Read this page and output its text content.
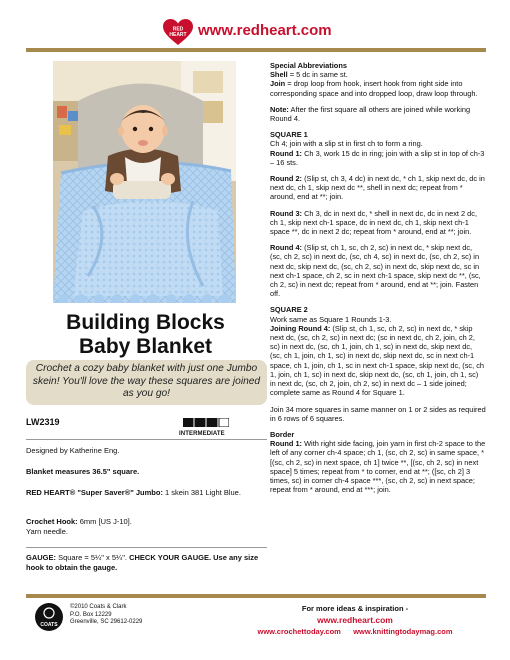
RED
HEART www.redheart.com
Building Blocks
Baby Blanket
Crochet a cozy baby blanket with just one Jumbo skein! You'll love the way these squares are joined as you go!
LW2319
INTERMEDIATE

Designed by Katherine Eng.

Blanket measures 36.5" square.

RED HEART® "Super Saver®" Jumbo: 1 skein 381 Light Blue.

Crochet Hook: 6mm [US J-10].
Yarn needle.

GAUGE: Square = 5¼" x 5¼". CHECK YOUR GAUGE. Use any size hook to obtain the gauge.

Special Abbreviations
Shell = 5 dc in same st.
Join = drop loop from hook, insert hook from right side into corresponding space and into dropped loop, draw loop through.

Note: After the first square all others are joined while working Round 4.

SQUARE 1
Ch 4; join with a slip st in first ch to form a ring.
Round 1: Ch 3, work 15 dc in ring; join with a slip st in top of ch-3 – 16 sts.

Round 2: (Slip st, ch 3, 4 dc) in next dc, * ch 1, skip next dc, dc in next dc, ch 1, skip next dc **, shell in next dc; repeat from * around, end at **; join.

Round 3: Ch 3, dc in next dc, * shell in next dc, dc in next 2 dc, ch 1, skip next ch-1 space, dc in next dc, ch 1, skip next ch-1 space **, dc in next 2 dc; repeat from * around, end at **; join.

Round 4: (Slip st, ch 1, sc, ch 2, sc) in next dc, * skip next dc, (sc, ch 2, sc) in next dc, (sc, ch 4, sc) in next dc, (sc, ch 2, sc) in next dc, skip next dc, (sc, ch 2, sc) in next dc, skip next dc, sc in next ch-1 space, ch 2, sc in next ch-1 space, skip next dc **, (sc, ch 2, sc) in next dc; repeat from * around, end at **; join. Fasten off.

SQUARE 2
Work same as Square 1 Rounds 1-3.
Joining Round 4: (Slip st, ch 1, sc, ch 2, sc) in next dc, * skip next dc, (sc, ch 2, sc) in next dc; (sc in next dc, ch 2, join, ch 2, sc) in next dc, (sc, ch 1, join, ch 1, sc) in next dc, skip next dc, (sc, ch 1, join, ch 1, sc) in next dc, skip next dc, sc in next ch-1 space, ch 1, join, ch 1, sc in next ch-1 space, skip next dc, (sc, ch 1, join, ch 1, sc) in next dc, skip next dc, (sc, ch 1, join, ch 1, sc) in next dc, (sc, ch 2, join, ch 2, sc) in next dc – 1 side joined; complete same as Round 4 for Square 1.

Join 34 more squares in same manner on 1 or 2 sides as required in 6 rows of 6 squares.

Border
Round 1: With right side facing, join yarn in first ch-2 space to the left of any corner ch-4 space; ch 1, (sc, ch 2, sc) in same space, * [(sc, ch 2, sc) in next space, ch 1] twice **, [(sc, ch 2, sc) in next space] 5 times; repeat from * to corner, end at **; ([sc, ch 2] 3 times, sc) in corner ch-4 space ***, (sc, ch 2, sc) in next space; repeat from * around, end at ***; join.

COATS
©2010 Coats & Clark
P.O. Box 12229
Greenville, SC 29612-0229
For more ideas & inspiration -
www.redheart.com
www.crochettoday.com www.knittingtodaymag.com
